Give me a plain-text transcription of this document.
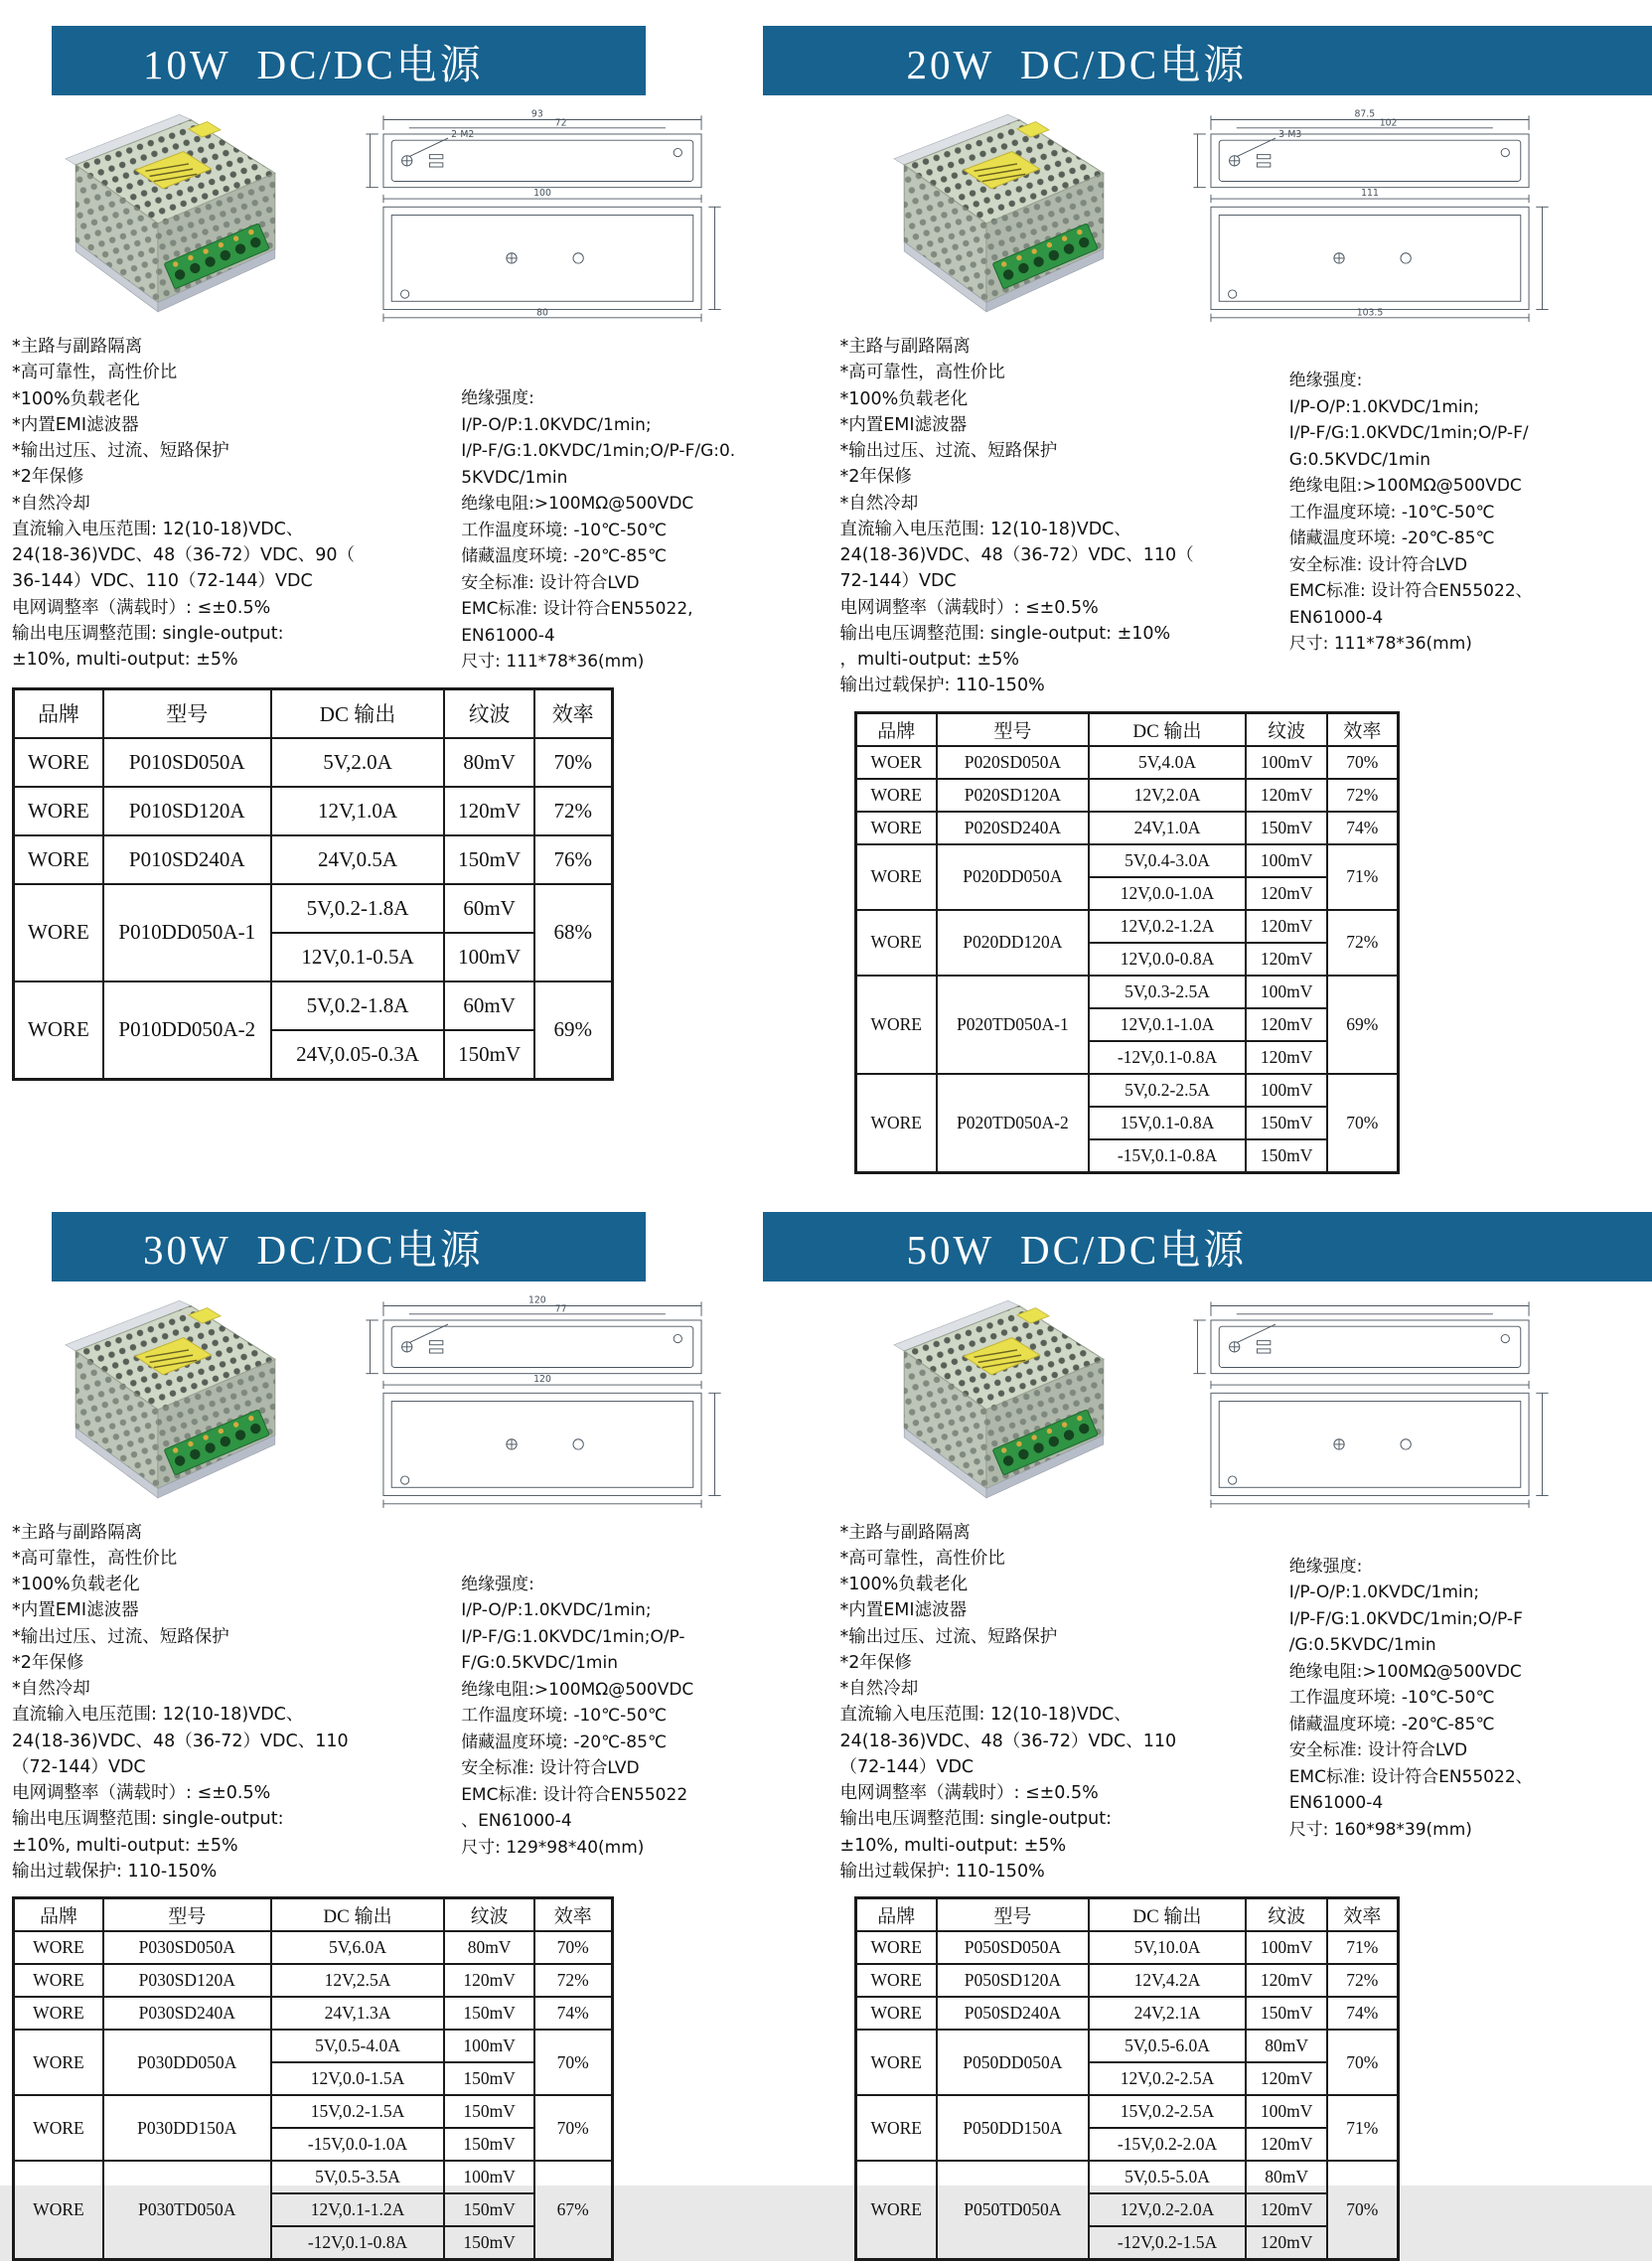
10W  DC/DC电源
93
72
100
80
2-M2
*主路与副路隔离
*高可靠性，高性价比
*100%负载老化
*内置EMI滤波器
*输出过压、过流、短路保护
*2年保修
*自然冷却
直流输入电压范围: 12(10-18)VDC、
24(18-36)VDC、48（36-72）VDC、90（
36-144）VDC、110（72-144）VDC
电网调整率（满载时）: ≤±0.5%
输出电压调整范围: single-output:
±10%, multi-output: ±5%
绝缘强度:
I/P-O/P:1.0KVDC/1min;
I/P-F/G:1.0KVDC/1min;O/P-F/G:0.
5KVDC/1min
绝缘电阻:>100MΩ@500VDC
工作温度环境: -10℃-50℃
储藏温度环境: -20℃-85℃
安全标准: 设计符合LVD
EMC标准: 设计符合EN55022,
EN61000-4
尺寸: 111*78*36(mm)
品牌	型号	DC 输出	纹波	效率
WORE	P010SD050A	5V,2.0A	80mV	70%
WORE	P010SD120A	12V,1.0A	120mV	72%
WORE	P010SD240A	24V,0.5A	150mV	76%
WORE	P010DD050A-1	5V,0.2-1.8A	60mV	68%
		12V,0.1-0.5A	100mV	
WORE	P010DD050A-2	5V,0.2-1.8A	60mV	69%
		24V,0.05-0.3A	150mV	
20W  DC/DC电源
87.5
102
111
103.5
3-M3
*主路与副路隔离
*高可靠性，高性价比
*100%负载老化
*内置EMI滤波器
*输出过压、过流、短路保护
*2年保修
*自然冷却
直流输入电压范围: 12(10-18)VDC、
24(18-36)VDC、48（36-72）VDC、110（
72-144）VDC
电网调整率（满载时）: ≤±0.5%
输出电压调整范围: single-output: ±10%
，multi-output: ±5%
输出过载保护: 110-150%
绝缘强度:
I/P-O/P:1.0KVDC/1min;
I/P-F/G:1.0KVDC/1min;O/P-F/
G:0.5KVDC/1min
绝缘电阻:>100MΩ@500VDC
工作温度环境: -10℃-50℃
储藏温度环境: -20℃-85℃
安全标准: 设计符合LVD
EMC标准: 设计符合EN55022、
EN61000-4
尺寸: 111*78*36(mm)
品牌	型号	DC 输出	纹波	效率
WOER	P020SD050A	5V,4.0A	100mV	70%
WORE	P020SD120A	12V,2.0A	120mV	72%
WORE	P020SD240A	24V,1.0A	150mV	74%
WORE	P020DD050A	5V,0.4-3.0A	100mV	71%
		12V,0.0-1.0A	120mV	
WORE	P020DD120A	12V,0.2-1.2A	120mV	72%
		12V,0.0-0.8A	120mV	
WORE	P020TD050A-1	5V,0.3-2.5A	100mV	69%
		12V,0.1-1.0A	120mV	
		-12V,0.1-0.8A	120mV	
WORE	P020TD050A-2	5V,0.2-2.5A	100mV	70%
		15V,0.1-0.8A	150mV	
		-15V,0.1-0.8A	150mV	
30W  DC/DC电源
120
77
120
*主路与副路隔离
*高可靠性，高性价比
*100%负载老化
*内置EMI滤波器
*输出过压、过流、短路保护
*2年保修
*自然冷却
直流输入电压范围: 12(10-18)VDC、
24(18-36)VDC、48（36-72）VDC、110
（72-144）VDC
电网调整率（满载时）: ≤±0.5%
输出电压调整范围: single-output:
±10%, multi-output: ±5%
输出过载保护: 110-150%
绝缘强度:
I/P-O/P:1.0KVDC/1min;
I/P-F/G:1.0KVDC/1min;O/P-
F/G:0.5KVDC/1min
绝缘电阻:>100MΩ@500VDC
工作温度环境: -10℃-50℃
储藏温度环境: -20℃-85℃
安全标准: 设计符合LVD
EMC标准: 设计符合EN55022
、EN61000-4
尺寸: 129*98*40(mm)
品牌	型号	DC 输出	纹波	效率
WORE	P030SD050A	5V,6.0A	80mV	70%
WORE	P030SD120A	12V,2.5A	120mV	72%
WORE	P030SD240A	24V,1.3A	150mV	74%
WORE	P030DD050A	5V,0.5-4.0A	100mV	70%
		12V,0.0-1.5A	150mV	
WORE	P030DD150A	15V,0.2-1.5A	150mV	70%
		-15V,0.0-1.0A	150mV	
WORE	P030TD050A	5V,0.5-3.5A	100mV	67%
		12V,0.1-1.2A	150mV	
		-12V,0.1-0.8A	150mV	
50W  DC/DC电源
*主路与副路隔离
*高可靠性，高性价比
*100%负载老化
*内置EMI滤波器
*输出过压、过流、短路保护
*2年保修
*自然冷却
直流输入电压范围: 12(10-18)VDC、
24(18-36)VDC、48（36-72）VDC、110
（72-144）VDC
电网调整率（满载时）: ≤±0.5%
输出电压调整范围: single-output:
±10%, multi-output: ±5%
输出过载保护: 110-150%
绝缘强度:
I/P-O/P:1.0KVDC/1min;
I/P-F/G:1.0KVDC/1min;O/P-F
/G:0.5KVDC/1min
绝缘电阻:>100MΩ@500VDC
工作温度环境: -10℃-50℃
储藏温度环境: -20℃-85℃
安全标准: 设计符合LVD
EMC标准: 设计符合EN55022、
EN61000-4
尺寸: 160*98*39(mm)
品牌	型号	DC 输出	纹波	效率
WORE	P050SD050A	5V,10.0A	100mV	71%
WORE	P050SD120A	12V,4.2A	120mV	72%
WORE	P050SD240A	24V,2.1A	150mV	74%
WORE	P050DD050A	5V,0.5-6.0A	80mV	70%
		12V,0.2-2.5A	120mV	
WORE	P050DD150A	15V,0.2-2.5A	100mV	71%
		-15V,0.2-2.0A	120mV	
WORE	P050TD050A	5V,0.5-5.0A	80mV	70%
		12V,0.2-2.0A	120mV	
		-12V,0.2-1.5A	120mV	
